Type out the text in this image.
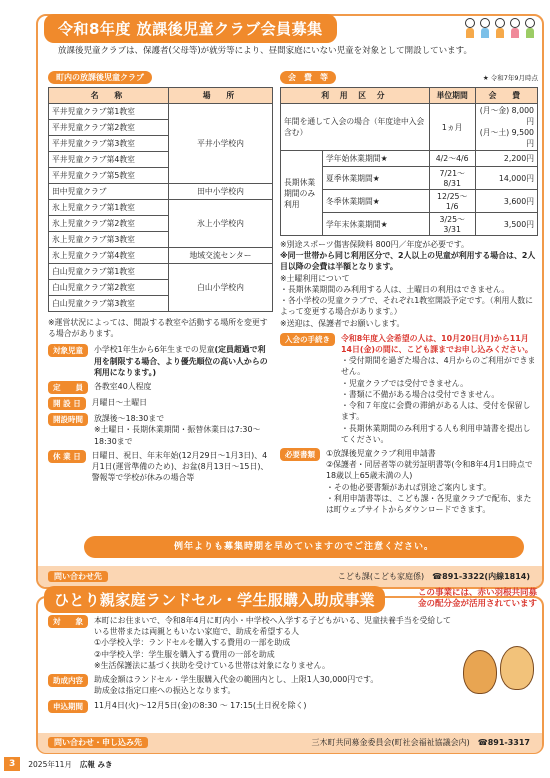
令和8年度 放課後児童クラブ会員募集
放課後児童クラブは、保護者(父母等)が就労等により、昼間家庭にいない児童を対象として開設しています。
町内の放課後児童クラブ
名　称	場　所
平井児童クラブ第1教室	平井小学校内
平井児童クラブ第2教室	
平井児童クラブ第3教室	
平井児童クラブ第4教室	
平井児童クラブ第5教室	
田中児童クラブ	田中小学校内
氷上児童クラブ第1教室	氷上小学校内
氷上児童クラブ第2教室	
氷上児童クラブ第3教室	
氷上児童クラブ第4教室	地域交流センター
白山児童クラブ第1教室	白山小学校内
白山児童クラブ第2教室	
白山児童クラブ第3教室	
※運営状況によっては、開設する教室や活動する場所を変更する場合があります。
対象児童	小学校1年生から6年生までの児童(定員超過で利用を制限する場合、より優先順位の高い人からの利用になります。)
定　　員	各教室40人程度
開 設 日	月曜日～土曜日
開設時間	放課後～18:30まで
※土曜日・長期休業期間・振替休業日は7:30～18:30まで
休 業 日	日曜日、祝日、年末年始(12月29日～1月3日)、4月1日(運営準備のため)、お盆(8月13日～15日)、警報等で学校が休みの場合等
会　費　等	★ 令和7年9月時点
利 用 区 分		単位期間	会　費
年間を通して入会の場合（年度途中入会含む）		1ヵ月	(月～金) 8,000円
(月～土) 9,500円

長期休業期間のみ利用	学年始休業期間★	4/2～4/6	2,200円
	夏季休業期間★	7/21～8/31	14,000円
	冬季休業期間★	12/25～1/6	3,600円
	学年末休業期間★	3/25～3/31	3,500円
※別途スポーツ傷害保険料 800円／年度が必要です。
※同一世帯から同じ利用区分で、2人以上の児童が利用する場合は、2人目以降の会費は半額となります。
※土曜利用について
・長期休業期間のみ利用する人は、土曜日の利用はできません。
・各小学校の児童クラブで、それぞれ1教室開設予定です。（利用人数によって変更する場合があります。）
※送迎は、保護者でお願いします。
入会の手続き	令和8年度入会希望の人は、10月20日(月)から11月14日(金)の間に、こども課までお申し込みください。
・受付期間を過ぎた場合は、4月からのご利用ができません。
・児童クラブでは受付できません。
・書類に不備がある場合は受付できません。
・令和７年度に会費の滞納がある人は、受付を保留します。
・長期休業期間のみ利用する人も利用申請書を提出してください。
必要書類	①放課後児童クラブ利用申請書
②保護者・同居者等の就労証明書等(令和8年4月1日時点で18歳以上65歳未満の人)
・その他必要書類があれば別途ご案内します。
・利用申請書等は、こども課・各児童クラブで配布、または町ウェブサイトからダウンロードできます。
例年よりも募集時期を早めていますのでご注意ください。
問い合わせ先	こども課(こども家庭係)　 ☎891-3322(内線1814)
ひとり親家庭ランドセル・学生服購入助成事業	この事業には、赤い羽根共同募金の配分金が活用されています
対　　象	本町にお住まいで、令和8年4月に町内小・中学校へ入学する子どもがいる、児童扶養手当を受給している世帯または両親ともいない家庭で、助成を希望する人
①小学校入学：ランドセルを購入する費用の一部を助成
②中学校入学：学生服を購入する費用の一部を助成
※生活保護法に基づく扶助を受けている世帯は対象になりません。
助成内容	助成金額はランドセル・学生服購入代金の範囲内とし、上限1人30,000円です。
助成金は指定口座への振込となります。
申込期間	11月4日(火)～12月5日(金)の8:30 ～ 17:15(土日祝を除く)
問い合わせ・申し込み先	三木町共同募金委員会(町社会福祉協議会内)　 ☎891-3317
3	2025年11月 広報 みき
